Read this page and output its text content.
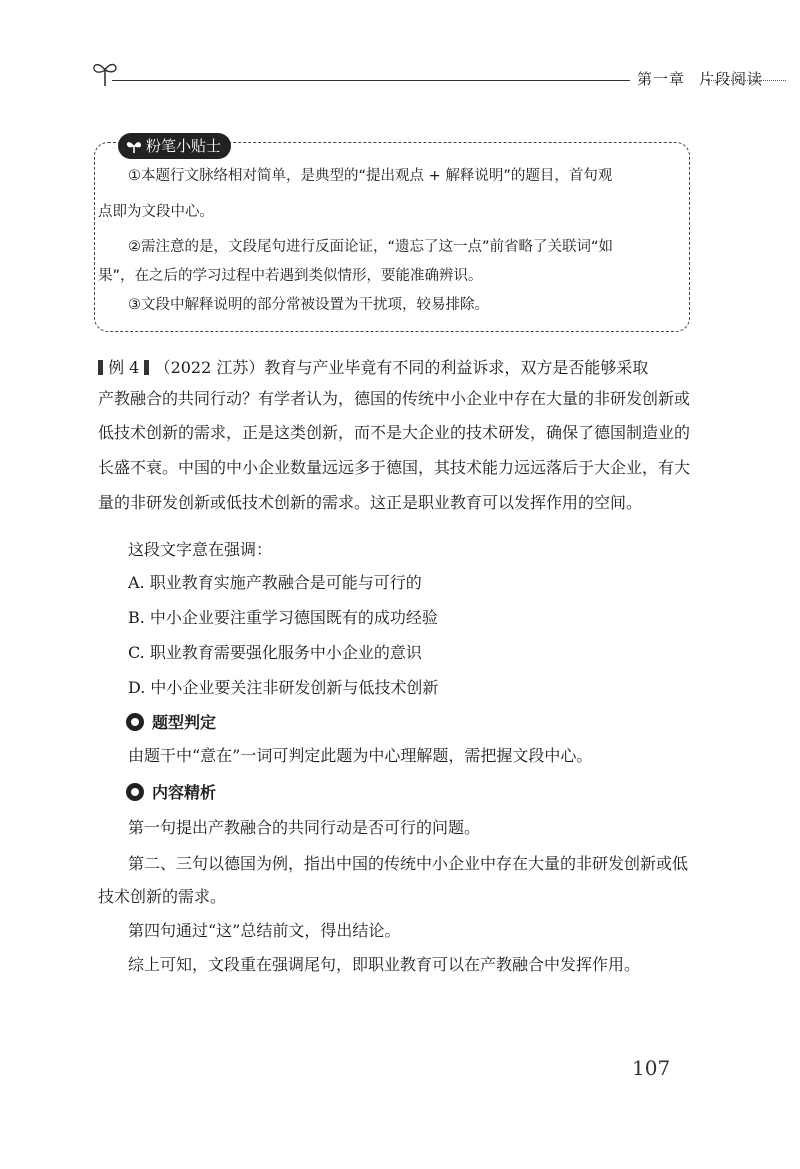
第一章 片段阅读
粉笔小贴士

①本题行文脉络相对简单，是典型的“提出观点 + 解释说明”的题目，首句观

点即为文段中心。

②需注意的是，文段尾句进行反面论证，“遗忘了这一点”前省略了关联词“如

果”，在之后的学习过程中若遇到类似情形，要能准确辨识。

③文段中解释说明的部分常被设置为干扰项，较易排除。

例 4 （2022 江苏）教育与产业毕竟有不同的利益诉求，双方是否能够采取

产教融合的共同行动？有学者认为，德国的传统中小企业中存在大量的非研发创新或

低技术创新的需求，正是这类创新，而不是大企业的技术研发，确保了德国制造业的

长盛不衰。中国的中小企业数量远远多于德国，其技术能力远远落后于大企业，有大

量的非研发创新或低技术创新的需求。这正是职业教育可以发挥作用的空间。

这段文字意在强调：

A. 职业教育实施产教融合是可能与可行的

B. 中小企业要注重学习德国既有的成功经验

C. 职业教育需要强化服务中小企业的意识

D. 中小企业要关注非研发创新与低技术创新

题型判定

由题干中“意在”一词可判定此题为中心理解题，需把握文段中心。

内容精析

第一句提出产教融合的共同行动是否可行的问题。

第二、三句以德国为例，指出中国的传统中小企业中存在大量的非研发创新或低

技术创新的需求。

第四句通过“这”总结前文，得出结论。

综上可知，文段重在强调尾句，即职业教育可以在产教融合中发挥作用。

107
